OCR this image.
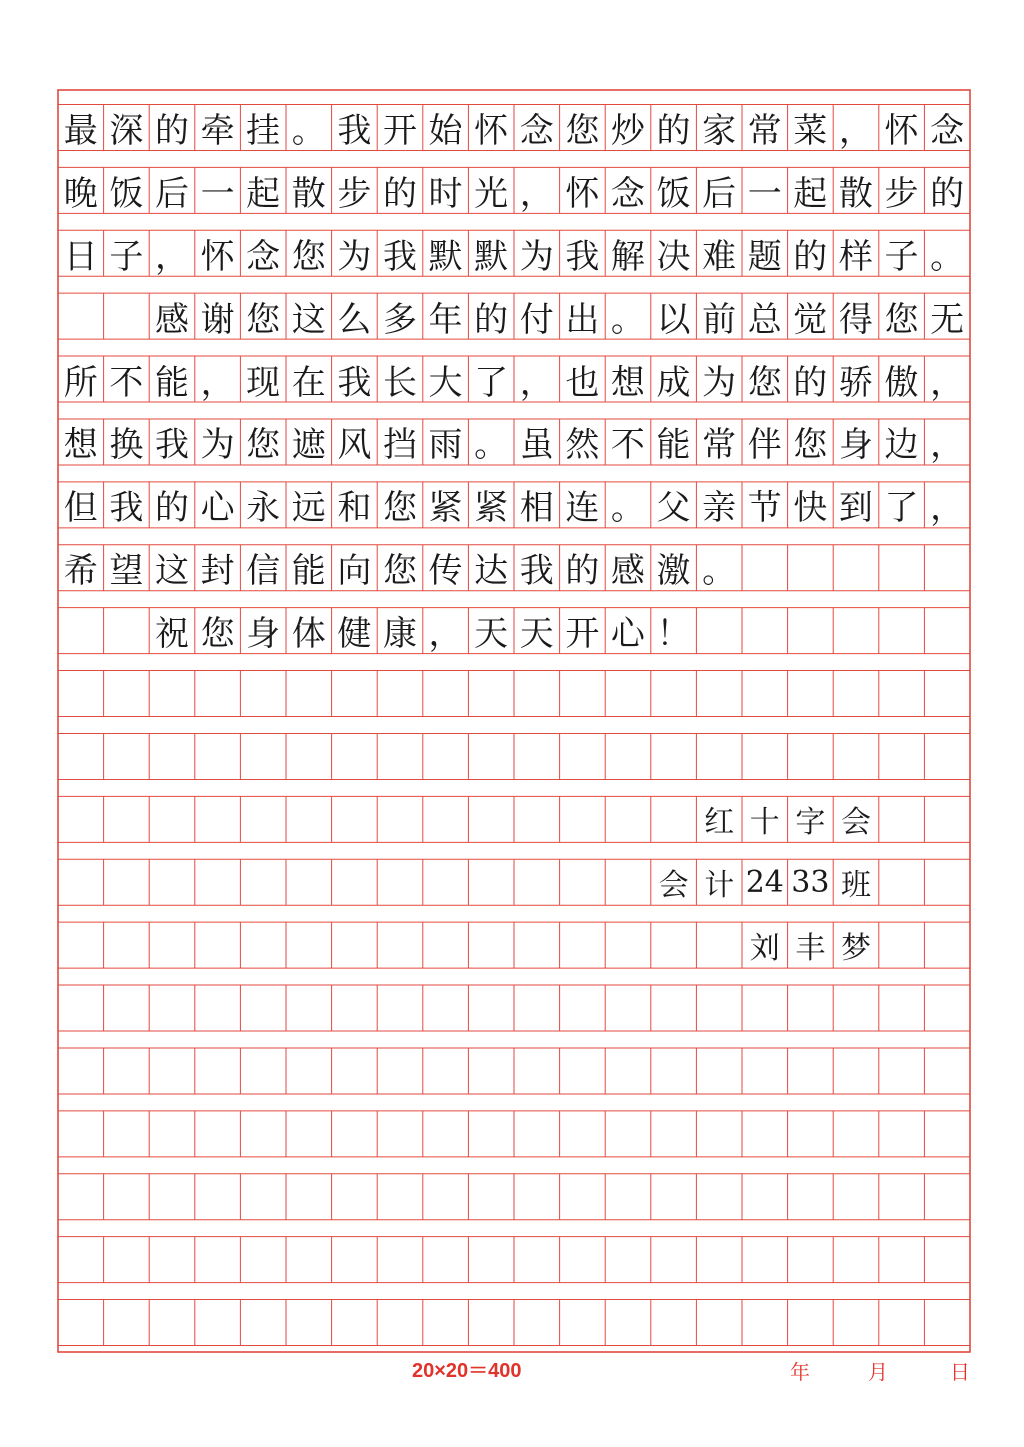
最 深 的 牵 挂 。 我 开 始 怀 念 您 炒 的 家 常 菜 ， 怀 念
晚 饭 后 一 起 散 步 的 时 光 ， 怀 念 饭 后 一 起 散 步 的
日 子 ， 怀 念 您 为 我 默 默 为 我 解 决 难 题 的 样 子 。
感 谢 您 这 么 多 年 的 付 出 。 以 前 总 觉 得 您 无
所 不 能 ， 现 在 我 长 大 了 ， 也 想 成 为 您 的 骄 傲 ，
想 换 我 为 您 遮 风 挡 雨 。 虽 然 不 能 常 伴 您 身 边 ，
但 我 的 心 永 远 和 您 紧 紧 相 连 。 父 亲 节 快 到 了 ，
希 望 这 封 信 能 向 您 传 达 我 的 感 激 。
祝 您 身 体 健 康 ， 天 天 开 心 ！
红 十 字 会
会 计 24 33 班
刘 丰 梦
20×20＝400	年	月	日
